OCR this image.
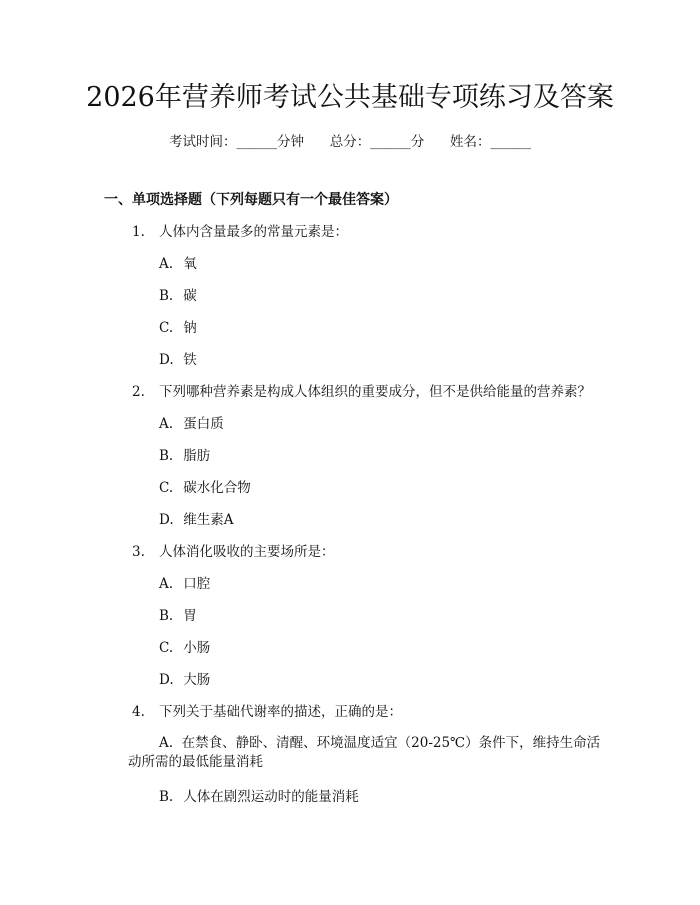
2026年营养师考试公共基础专项练习及答案
考试时间：______分钟      总分：______分      姓名：______
一、单项选择题（下列每题只有一个最佳答案）
1. 人体内含量最多的常量元素是：
A. 氧
B. 碳
C. 钠
D. 铁
2. 下列哪种营养素是构成人体组织的重要成分，但不是供给能量的营养素？
A. 蛋白质
B. 脂肪
C. 碳水化合物
D. 维生素A
3. 人体消化吸收的主要场所是：
A. 口腔
B. 胃
C. 小肠
D. 大肠
4. 下列关于基础代谢率的描述，正确的是：
A. 在禁食、静卧、清醒、环境温度适宜（20-25℃）条件下，维持生命活动所需的最低能量消耗
B. 人体在剧烈运动时的能量消耗
